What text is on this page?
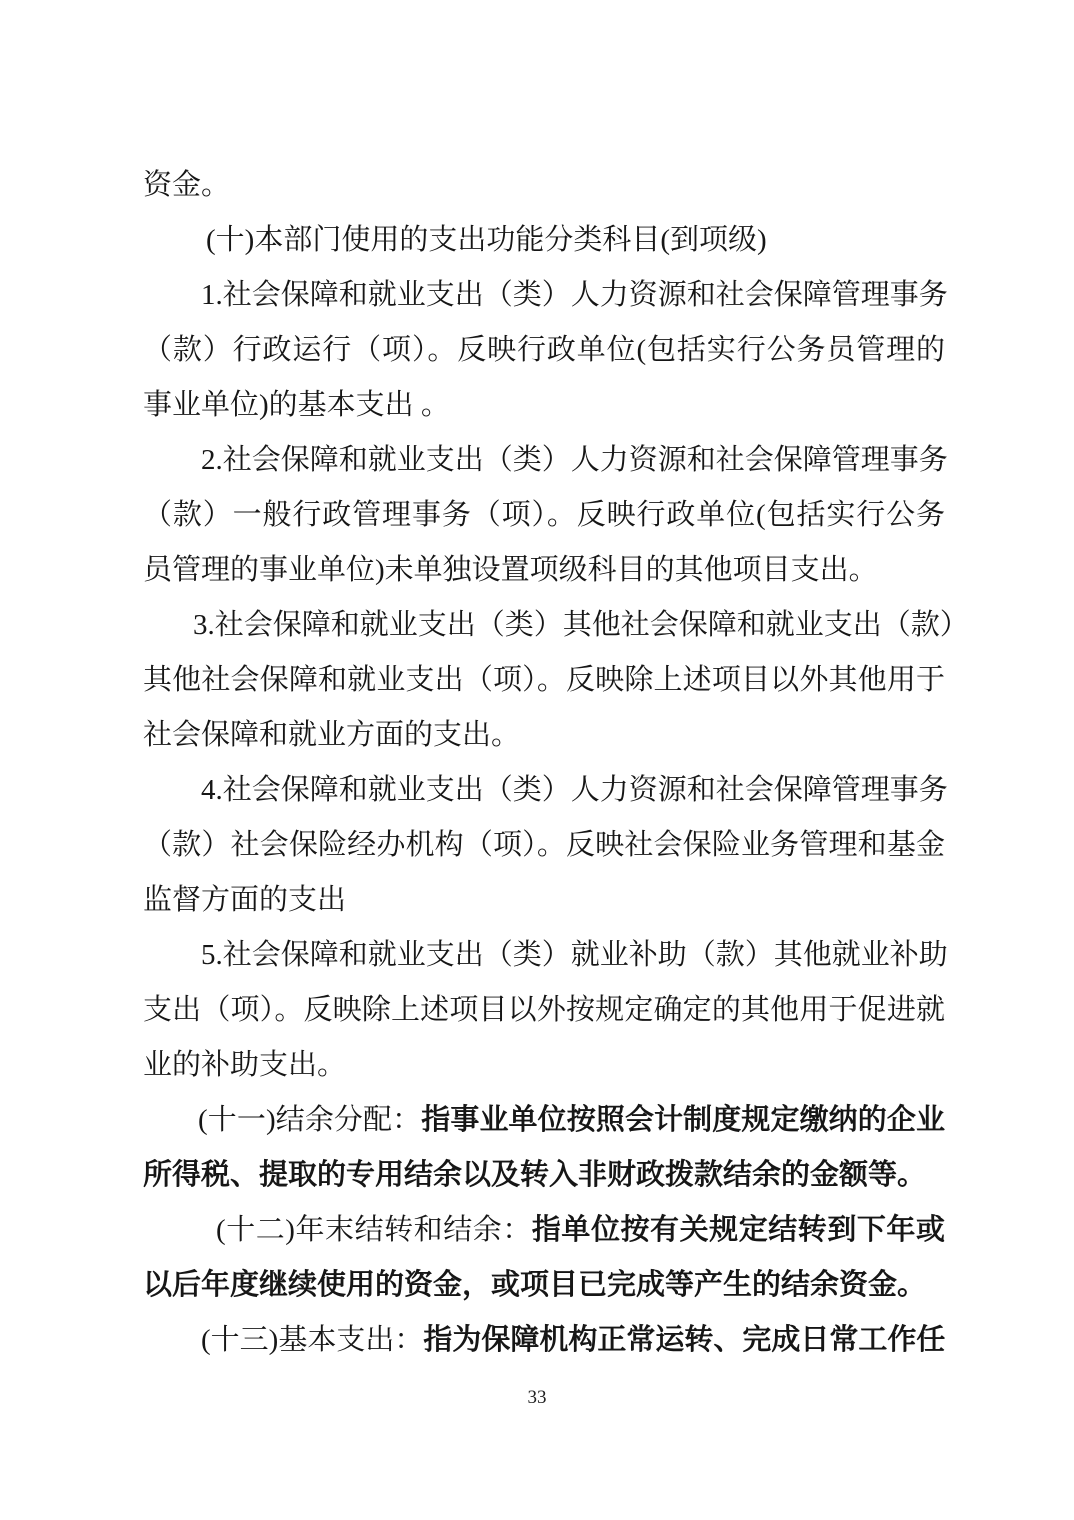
资金。
(十)本部门使用的支出功能分类科目(到项级)
1.社会保障和就业支出（类）人力资源和社会保障管理事务
（款）行政运行（项）。反映行政单位(包括实行公务员管理的
事业单位)的基本支出 。
2.社会保障和就业支出（类）人力资源和社会保障管理事务
（款）一般行政管理事务（项）。反映行政单位(包括实行公务
员管理的事业单位)未单独设置项级科目的其他项目支出。
3.社会保障和就业支出（类）其他社会保障和就业支出（款）
其他社会保障和就业支出（项）。反映除上述项目以外其他用于
社会保障和就业方面的支出。
4.社会保障和就业支出（类）人力资源和社会保障管理事务
（款）社会保险经办机构（项）。反映社会保险业务管理和基金
监督方面的支出
5.社会保障和就业支出（类）就业补助（款）其他就业补助
支出（项）。反映除上述项目以外按规定确定的其他用于促进就
业的补助支出。
(十一)结余分配：指事业单位按照会计制度规定缴纳的企业
所得税、提取的专用结余以及转入非财政拨款结余的金额等。
(十二)年末结转和结余：指单位按有关规定结转到下年或
以后年度继续使用的资金，或项目已完成等产生的结余资金。
(十三)基本支出：指为保障机构正常运转、完成日常工作任
33
